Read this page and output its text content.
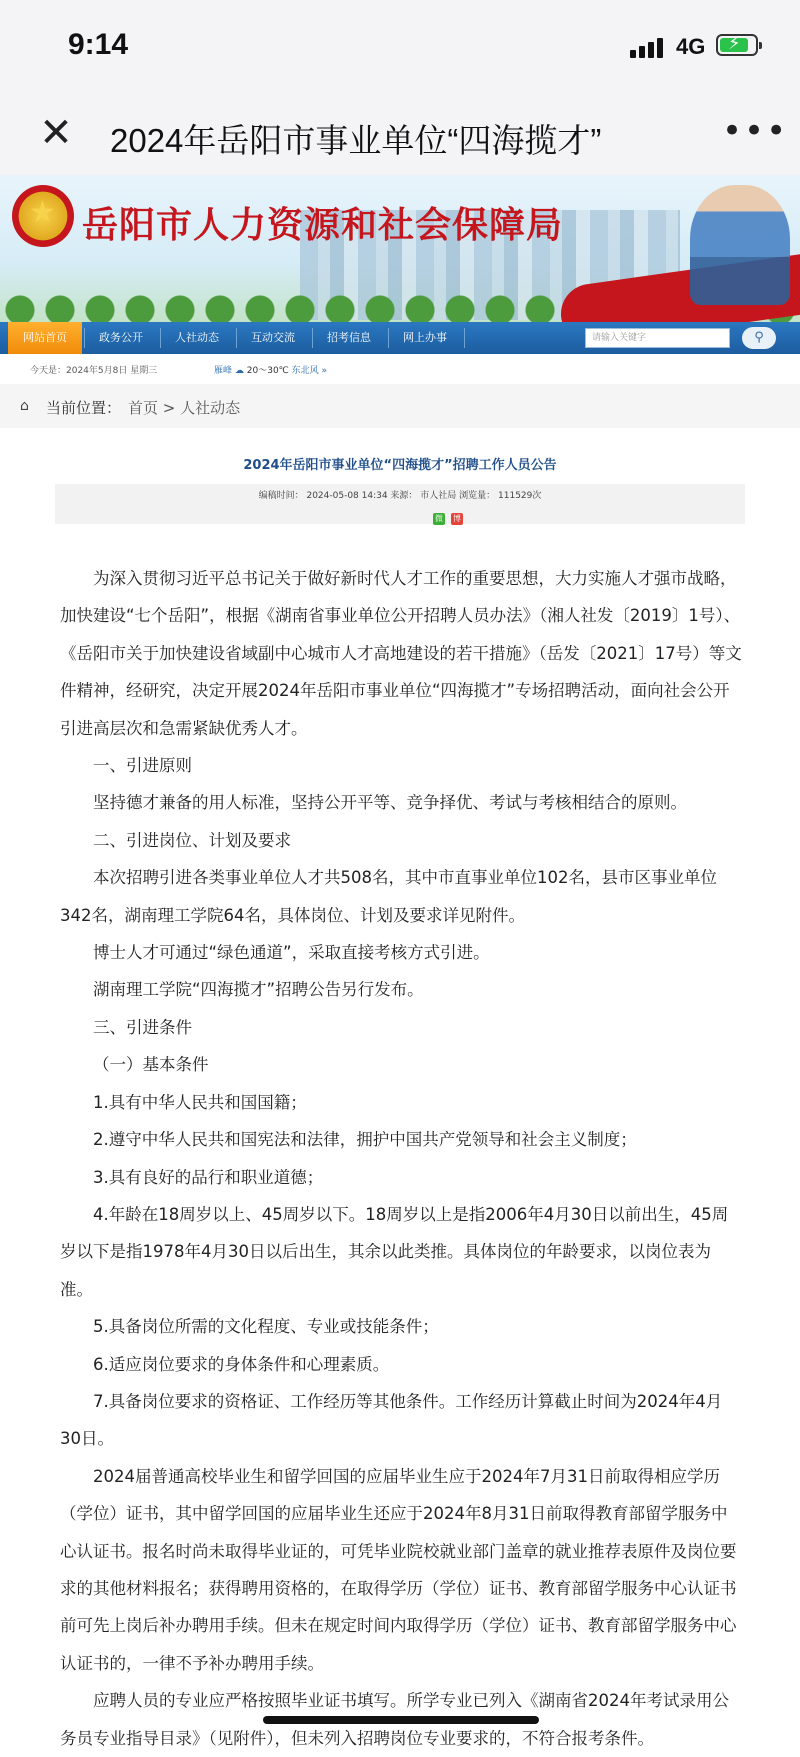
9:14	4G ⚡
✕ 2024年岳阳市事业单位“四海揽才”	•••
★
岳阳市人力资源和社会保障局
网站首页	政务公开	人社动态	互动交流	招考信息	网上办事	请输入关键字	⚲
今天是：2024年5月8日 星期三	雁峰 ☁ 20～30℃ 东北风 »
⌂ 当前位置： 首页 > 人社动态
2024年岳阳市事业单位“四海揽才”招聘工作人员公告
编稿时间： 2024-05-08 14:34 来源： 市人社局 浏览量： 111529次
微 博

为深入贯彻习近平总书记关于做好新时代人才工作的重要思想，大力实施人才强市战略，加快建设“七个岳阳”，根据《湖南省事业单位公开招聘人员办法》（湘人社发〔2019〕1号）、《岳阳市关于加快建设省域副中心城市人才高地建设的若干措施》（岳发〔2021〕17号）等文件精神，经研究，决定开展2024年岳阳市事业单位“四海揽才”专场招聘活动，面向社会公开引进高层次和急需紧缺优秀人才。

一、引进原则

坚持德才兼备的用人标准，坚持公开平等、竞争择优、考试与考核相结合的原则。

二、引进岗位、计划及要求

本次招聘引进各类事业单位人才共508名，其中市直事业单位102名，县市区事业单位342名，湖南理工学院64名，具体岗位、计划及要求详见附件。

博士人才可通过“绿色通道”，采取直接考核方式引进。

湖南理工学院“四海揽才”招聘公告另行发布。

三、引进条件

（一）基本条件

1.具有中华人民共和国国籍；

2.遵守中华人民共和国宪法和法律，拥护中国共产党领导和社会主义制度；

3.具有良好的品行和职业道德；

4.年龄在18周岁以上、45周岁以下。18周岁以上是指2006年4月30日以前出生，45周岁以下是指1978年4月30日以后出生，其余以此类推。具体岗位的年龄要求，以岗位表为准。

5.具备岗位所需的文化程度、专业或技能条件；

6.适应岗位要求的身体条件和心理素质。

7.具备岗位要求的资格证、工作经历等其他条件。工作经历计算截止时间为2024年4月30日。

2024届普通高校毕业生和留学回国的应届毕业生应于2024年7月31日前取得相应学历（学位）证书，其中留学回国的应届毕业生还应于2024年8月31日前取得教育部留学服务中心认证书。报名时尚未取得毕业证的，可凭毕业院校就业部门盖章的就业推荐表原件及岗位要求的其他材料报名；获得聘用资格的，在取得学历（学位）证书、教育部留学服务中心认证书前可先上岗后补办聘用手续。但未在规定时间内取得学历（学位）证书、教育部留学服务中心认证书的，一律不予补办聘用手续。

应聘人员的专业应严格按照毕业证书填写。所学专业已列入《湖南省2024年考试录用公务员专业指导目录》（见附件），但未列入招聘岗位专业要求的，不符合报考条件。
